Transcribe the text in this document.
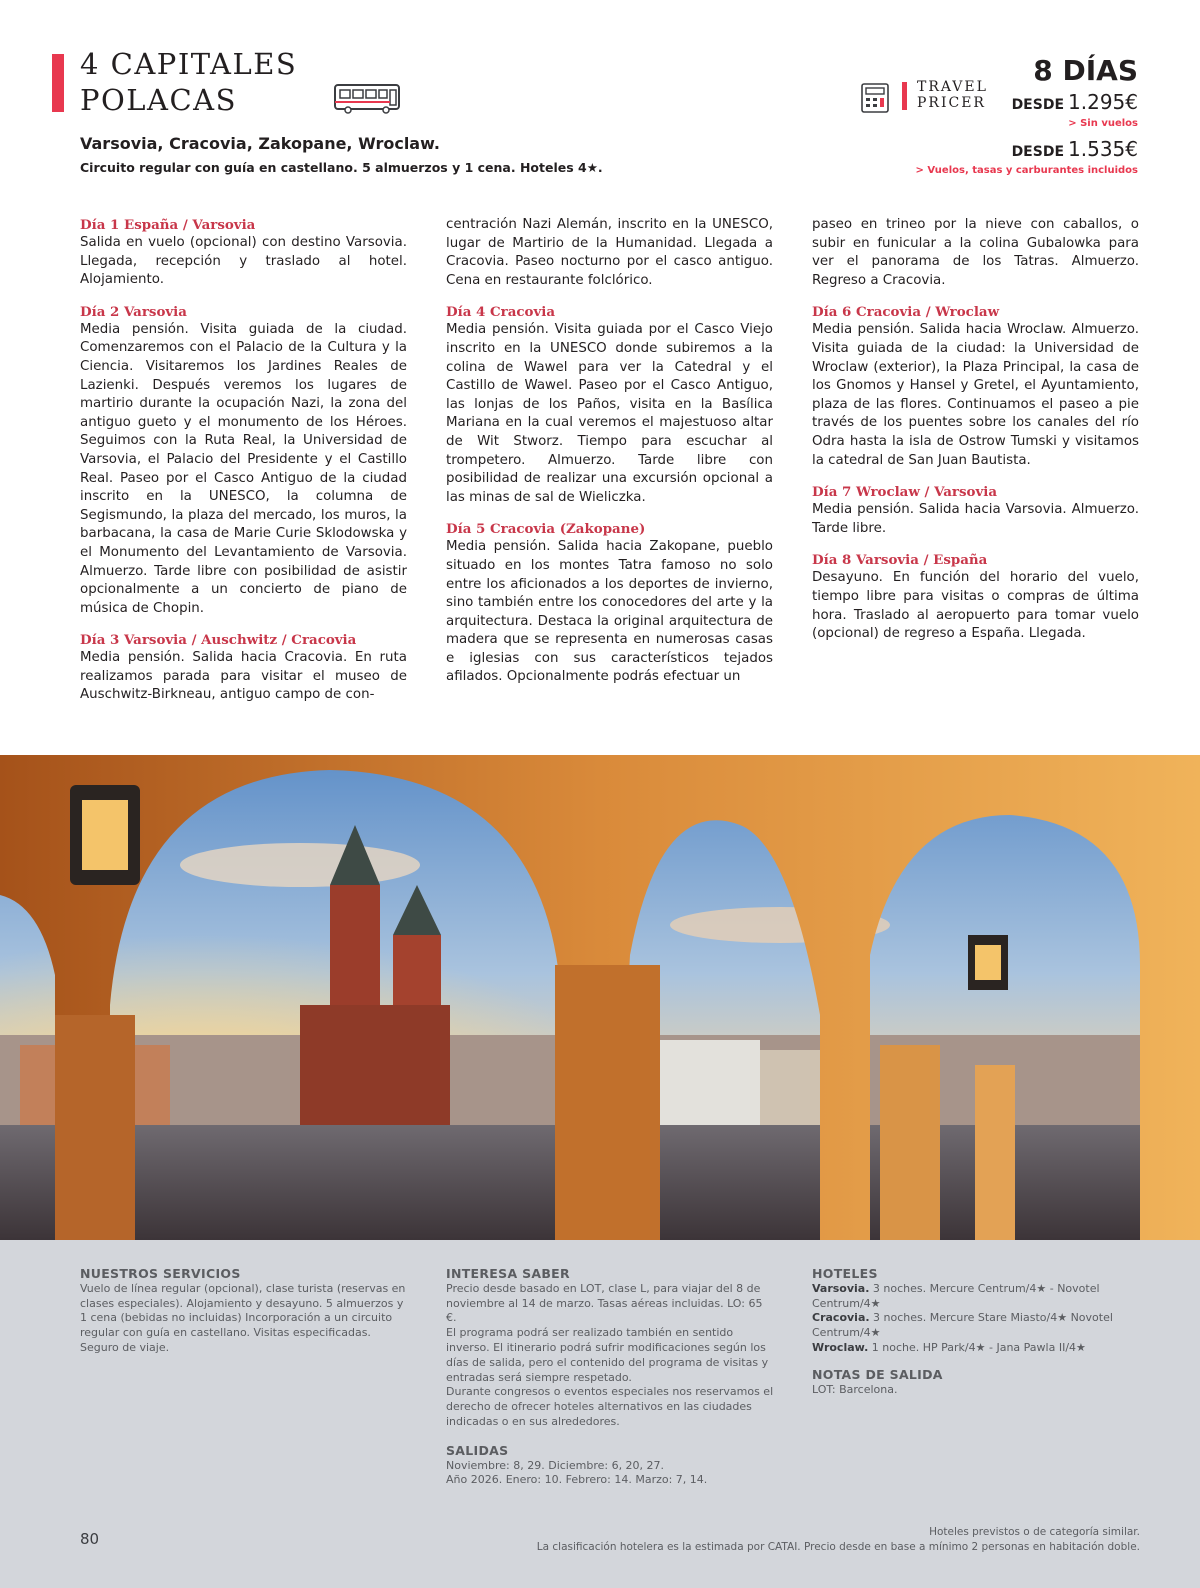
4 CAPITALES
POLACAS
Varsovia, Cracovia, Zakopane, Wroclaw.
Circuito regular con guía en castellano. 5 almuerzos y 1 cena. Hoteles 4★.
TRAVEL
PRICER
8 DÍAS
DESDE 1.295€
> Sin vuelos
DESDE 1.535€
> Vuelos, tasas y carburantes incluidos
Día 1 España / Varsovia

Salida en vuelo (opcional) con destino Varsovia. Llegada, recepción y traslado al hotel. Alojamiento.

Día 2 Varsovia

Media pensión. Visita guiada de la ciudad. Comenzaremos con el Palacio de la Cultura y la Ciencia. Visitaremos los Jardines Reales de Lazienki. Después veremos los lugares de martirio durante la ocupación Nazi, la zona del antiguo gueto y el monumento de los Héroes. Seguimos con la Ruta Real, la Universidad de Varsovia, el Palacio del Presidente y el Castillo Real. Paseo por el Casco Antiguo de la ciudad inscrito en la UNESCO, la columna de Segismundo, la plaza del mercado, los muros, la barbacana, la casa de Marie Curie Sklodowska y el Monumento del Levantamiento de Varsovia. Almuerzo. Tarde libre con posibilidad de asistir opcionalmente a un concierto de piano de música de Chopin.

Día 3 Varsovia / Auschwitz / Cracovia

Media pensión. Salida hacia Cracovia. En ruta realizamos parada para visitar el museo de Auschwitz-Birkneau, antiguo campo de con-

centración Nazi Alemán, inscrito en la UNESCO, lugar de Martirio de la Humanidad. Llegada a Cracovia. Paseo nocturno por el casco antiguo. Cena en restaurante folclórico.

Día 4 Cracovia

Media pensión. Visita guiada por el Casco Viejo inscrito en la UNESCO donde subiremos a la colina de Wawel para ver la Catedral y el Castillo de Wawel. Paseo por el Casco Antiguo, las lonjas de los Paños, visita en la Basílica Mariana en la cual veremos el majestuoso altar de Wit Stworz. Tiempo para escuchar al trompetero. Almuerzo. Tarde libre con posibilidad de realizar una excursión opcional a las minas de sal de Wieliczka.

Día 5 Cracovia (Zakopane)

Media pensión. Salida hacia Zakopane, pueblo situado en los montes Tatra famoso no solo entre los aficionados a los deportes de invierno, sino también entre los conocedores del arte y la arquitectura. Destaca la original arquitectura de madera que se representa en numerosas casas e iglesias con sus característicos tejados afilados. Opcionalmente podrás efectuar un

paseo en trineo por la nieve con caballos, o subir en funicular a la colina Gubalowka para ver el panorama de los Tatras. Almuerzo. Regreso a Cracovia.

Día 6 Cracovia / Wroclaw

Media pensión. Salida hacia Wroclaw. Almuerzo. Visita guiada de la ciudad: la Universidad de Wroclaw (exterior), la Plaza Principal, la casa de los Gnomos y Hansel y Gretel, el Ayuntamiento, plaza de las flores. Continuamos el paseo a pie través de los puentes sobre los canales del río Odra hasta la isla de Ostrow Tumski y visitamos la catedral de San Juan Bautista.

Día 7 Wroclaw / Varsovia

Media pensión. Salida hacia Varsovia. Almuerzo. Tarde libre.

Día 8 Varsovia / España

Desayuno. En función del horario del vuelo, tiempo libre para visitas o compras de última hora. Traslado al aeropuerto para tomar vuelo (opcional) de regreso a España. Llegada.

NUESTROS SERVICIOS

Vuelo de línea regular (opcional), clase turista (reservas en clases especiales). Alojamiento y desayuno. 5 almuerzos y 1 cena (bebidas no incluidas) Incorporación a un circuito regular con guía en castellano. Visitas especificadas. Seguro de viaje.

INTERESA SABER

Precio desde basado en LOT, clase L, para viajar del 8 de noviembre al 14 de marzo. Tasas aéreas incluidas. LO: 65 €.

El programa podrá ser realizado también en sentido inverso. El itinerario podrá sufrir modificaciones según los días de salida, pero el contenido del programa de visitas y entradas será siempre respetado.

Durante congresos o eventos especiales nos reservamos el derecho de ofrecer hoteles alternativos en las ciudades indicadas o en sus alrededores.

SALIDAS

Noviembre: 8, 29. Diciembre: 6, 20, 27.

Año 2026. Enero: 10. Febrero: 14. Marzo: 7, 14.

HOTELES

Varsovia. 3 noches. Mercure Centrum/4★ - Novotel Centrum/4★

Cracovia. 3 noches. Mercure Stare Miasto/4★ Novotel Centrum/4★

Wroclaw. 1 noche. HP Park/4★ - Jana Pawla II/4★

NOTAS DE SALIDA

LOT: Barcelona.

80	Hoteles previstos o de categoría similar.
La clasificación hotelera es la estimada por CATAI. Precio desde en base a mínimo 2 personas en habitación doble.
